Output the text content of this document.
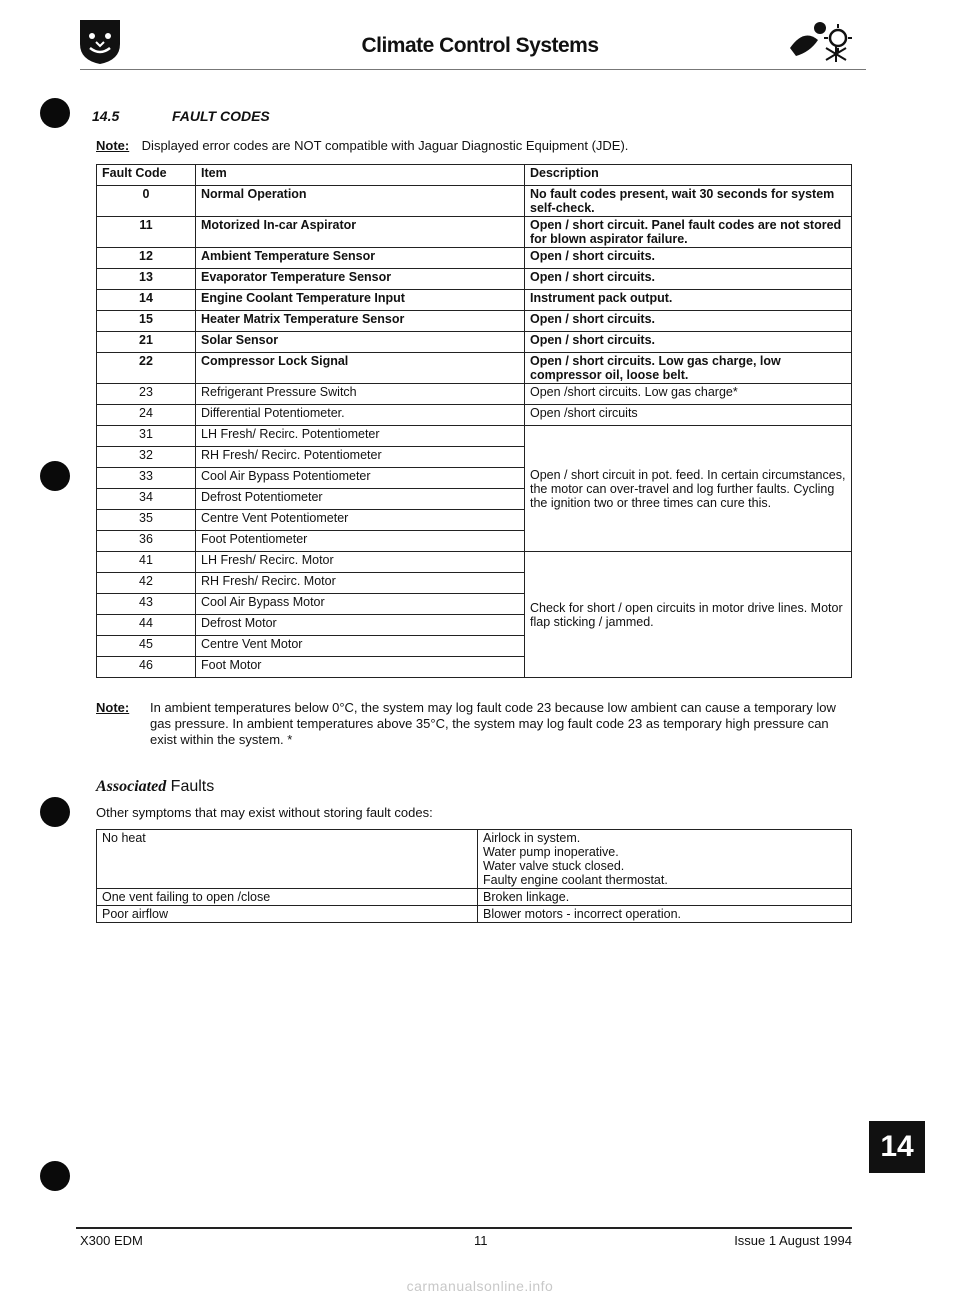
Climate Control Systems
14.5	FAULT CODES
Note: Displayed error codes are NOT compatible with Jaguar Diagnostic Equipment (JDE).
Fault Code	Item	Description
0	Normal Operation	No fault codes present, wait 30 seconds for system self-check.
11	Motorized In-car Aspirator	Open / short circuit. Panel fault codes are not stored for blown aspirator failure.
12	Ambient Temperature Sensor	Open / short circuits.
13	Evaporator Temperature Sensor	Open / short circuits.
14	Engine Coolant Temperature Input	Instrument pack output.
15	Heater Matrix Temperature Sensor	Open / short circuits.
21	Solar Sensor	Open / short circuits.
22	Compressor Lock Signal	Open / short circuits. Low gas charge, low compressor oil, loose belt.
23	Refrigerant Pressure Switch	Open /short circuits. Low gas charge*
24	Differential Potentiometer.	Open /short circuits
31	LH Fresh/ Recirc. Potentiometer	Open / short circuit in pot. feed. In certain circumstances, the motor can over-travel and log further faults. Cycling the ignition two or three times can cure this.
32	RH Fresh/ Recirc. Potentiometer	
33	Cool Air Bypass Potentiometer	
34	Defrost Potentiometer	
35	Centre Vent Potentiometer	
36	Foot Potentiometer	
41	LH Fresh/ Recirc. Motor	Check for short / open circuits in motor drive lines. Motor flap sticking / jammed.
42	RH Fresh/ Recirc. Motor	
43	Cool Air Bypass Motor	
44	Defrost Motor	
45	Centre Vent Motor	
46	Foot Motor	
Note: In ambient temperatures below 0°C, the system may log fault code 23 because low ambient can cause a temporary low gas pressure. In ambient temperatures above 35°C, the system may log fault code 23 as temporary high pressure can exist within the system. *
Associated Faults
Other symptoms that may exist without storing fault codes:
No heat	Airlock in system.
Water pump inoperative.
Water valve stuck closed.
Faulty engine coolant thermostat.

One vent failing to open /close	Broken linkage.

Poor airflow	Blower motors - incorrect operation.
14
X300 EDM	11	Issue 1 August 1994
carmanualsonline.info
